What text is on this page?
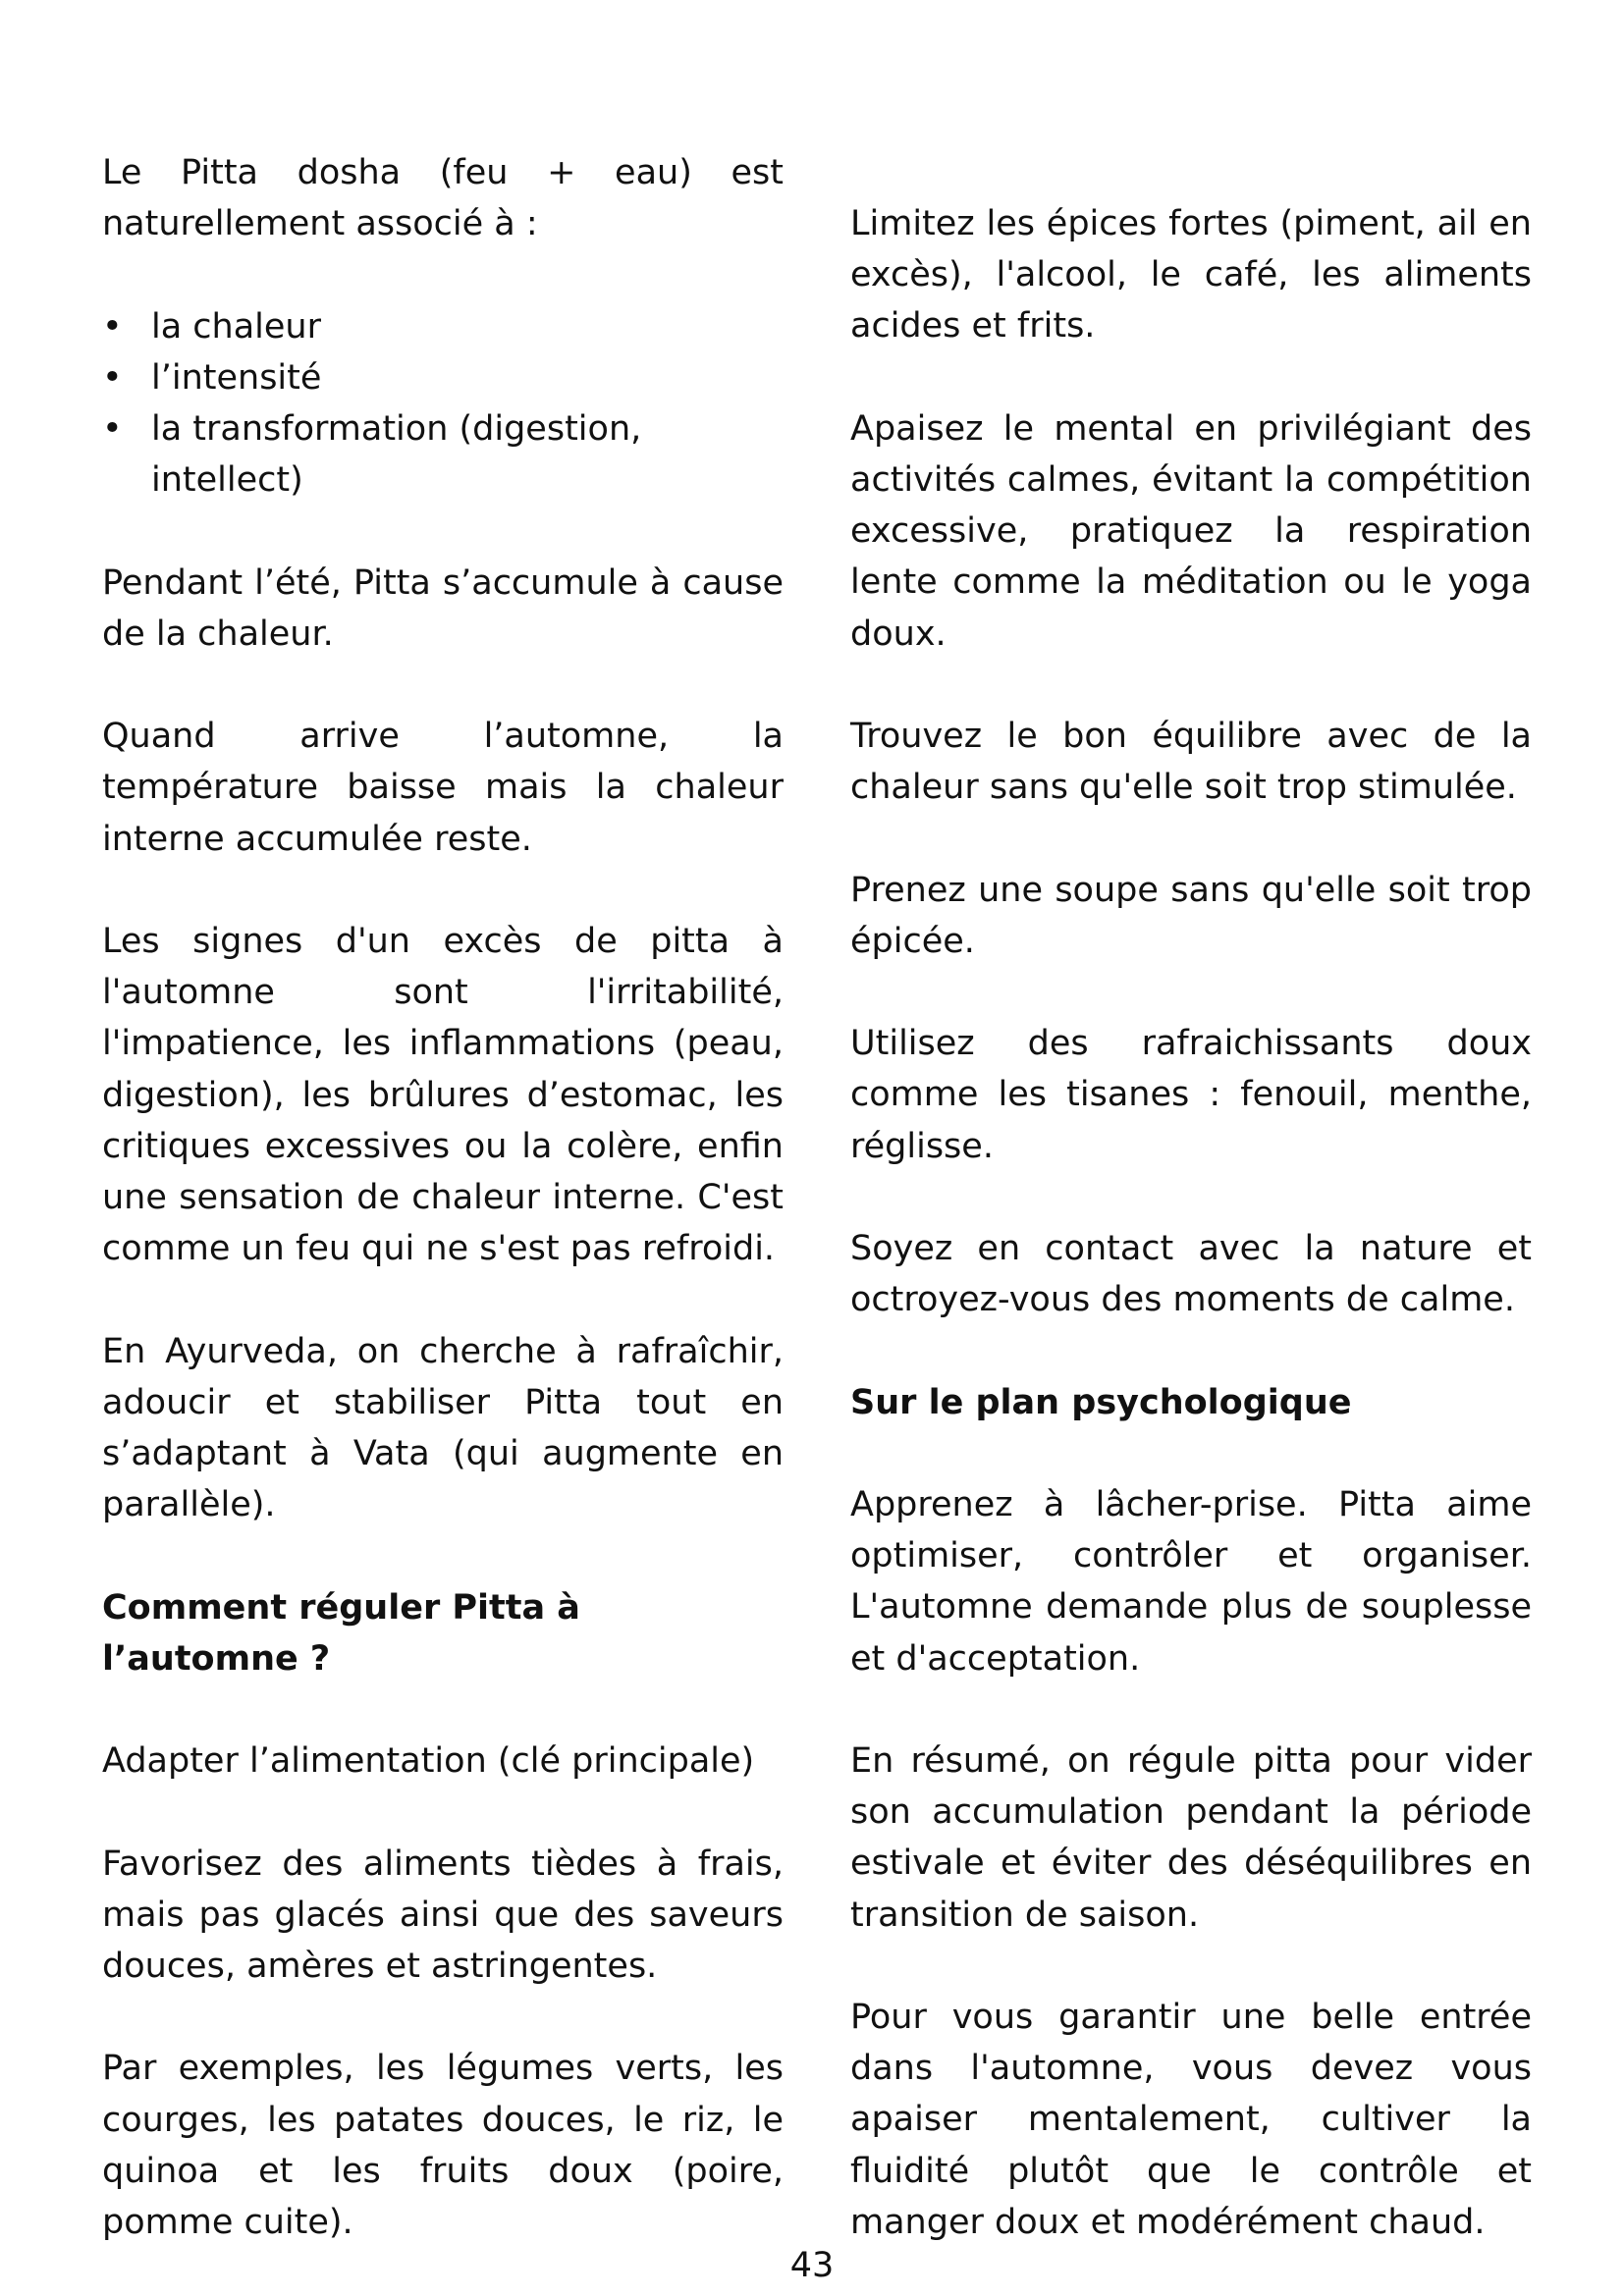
Le Pitta dosha (feu + eau) est naturellement associé à :

• la chaleur
• l’intensité
• la transformation (digestion, intellect)

Pendant l’été, Pitta s’accumule à cause de la chaleur.

Quand arrive l’automne, la température baisse mais la chaleur interne accumulée reste.

Les signes d'un excès de pitta à l'automne sont l'irritabilité, l'impatience, les inflammations (peau, digestion), les brûlures d’estomac, les critiques excessives ou la colère, enfin une sensation de chaleur interne. C'est comme un feu qui ne s'est pas refroidi.

En Ayurveda, on cherche à rafraîchir, adoucir et stabiliser Pitta tout en s’adaptant à Vata (qui augmente en parallèle).

Comment réguler Pitta à l’automne ?

Adapter l’alimentation (clé principale)

Favorisez des aliments tièdes à frais, mais pas glacés ainsi que des saveurs douces, amères et astringentes.

Par exemples, les légumes verts, les courges, les patates douces, le riz, le quinoa et les fruits doux (poire, pomme cuite).

Limitez les épices fortes (piment, ail en excès), l'alcool, le café, les aliments acides et frits.

Apaisez le mental en privilégiant des activités calmes, évitant la compétition excessive, pratiquez la respiration lente comme la méditation ou le yoga doux.

Trouvez le bon équilibre avec de la chaleur sans qu'elle soit trop stimulée.

Prenez une soupe sans qu'elle soit trop épicée.

Utilisez des rafraichissants doux comme les tisanes : fenouil, menthe, réglisse.

Soyez en contact avec la nature et octroyez-vous des moments de calme.

Sur le plan psychologique

Apprenez à lâcher-prise. Pitta aime optimiser, contrôler et organiser. L'automne demande plus de souplesse et d'acceptation.

En résumé, on régule pitta pour vider son accumulation pendant la période estivale et éviter des déséquilibres en transition de saison.

Pour vous garantir une belle entrée dans l'automne, vous devez vous apaiser mentalement, cultiver la fluidité plutôt que le contrôle et manger doux et modérément chaud.

43
